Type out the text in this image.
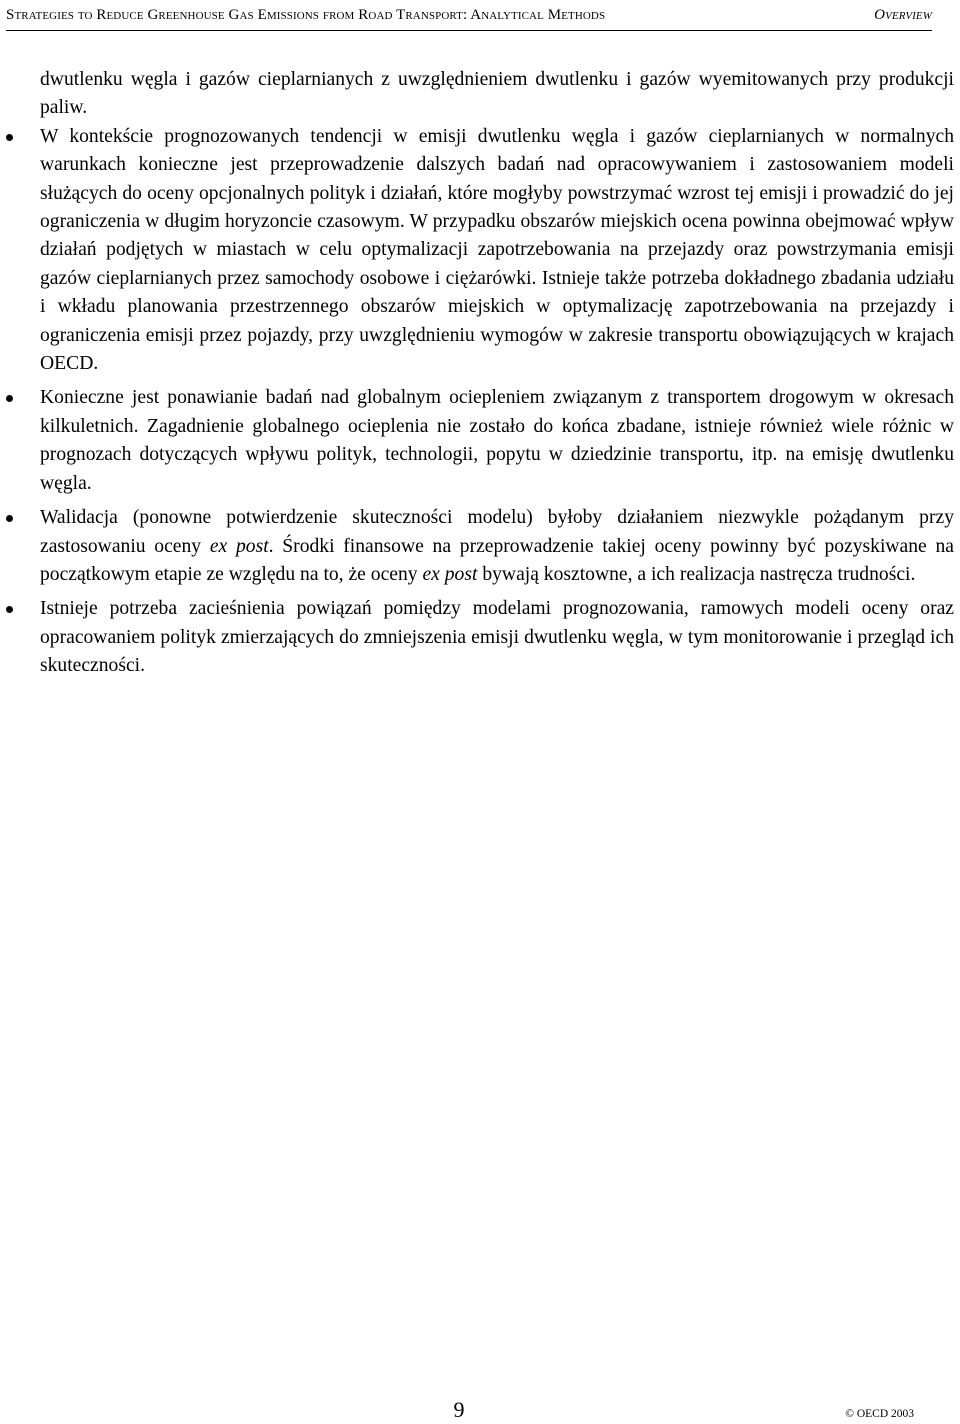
Strategies to Reduce Greenhouse Gas Emissions from Road Transport: Analytical Methods	Overview

dwutlenku węgla i gazów cieplarnianych z uwzględnieniem dwutlenku i gazów wyemitowanych przy produkcji paliw.

W kontekście prognozowanych tendencji w emisji dwutlenku węgla i gazów cieplarnianych w normalnych warunkach konieczne jest przeprowadzenie dalszych badań nad opracowywaniem i zastosowaniem modeli służących do oceny opcjonalnych polityk i działań, które mogłyby powstrzymać wzrost tej emisji i prowadzić do jej ograniczenia w długim horyzoncie czasowym. W przypadku obszarów miejskich ocena powinna obejmować wpływ działań podjętych w miastach w celu optymalizacji zapotrzebowania na przejazdy oraz powstrzymania emisji gazów cieplarnianych przez samochody osobowe i ciężarówki. Istnieje także potrzeba dokładnego zbadania udziału i wkładu planowania przestrzennego obszarów miejskich w optymalizację zapotrzebowania na przejazdy i ograniczenia emisji przez pojazdy, przy uwzględnieniu wymogów w zakresie transportu obowiązujących w krajach OECD.
Konieczne jest ponawianie badań nad globalnym ociepleniem związanym z transportem drogowym w okresach kilkuletnich. Zagadnienie globalnego ocieplenia nie zostało do końca zbadane, istnieje również wiele różnic w prognozach dotyczących wpływu polityk, technologii, popytu w dziedzinie transportu, itp. na emisję dwutlenku węgla.
Walidacja (ponowne potwierdzenie skuteczności modelu) byłoby działaniem niezwykle pożądanym przy zastosowaniu oceny ex post. Środki finansowe na przeprowadzenie takiej oceny powinny być pozyskiwane na początkowym etapie ze względu na to, że oceny ex post bywają kosztowne, a ich realizacja nastręcza trudności.
Istnieje potrzeba zacieśnienia powiązań pomiędzy modelami prognozowania, ramowych modeli oceny oraz opracowaniem polityk zmierzających do zmniejszenia emisji dwutlenku węgla, w tym monitorowanie i przegląd ich skuteczności.
9	© OECD 2003
